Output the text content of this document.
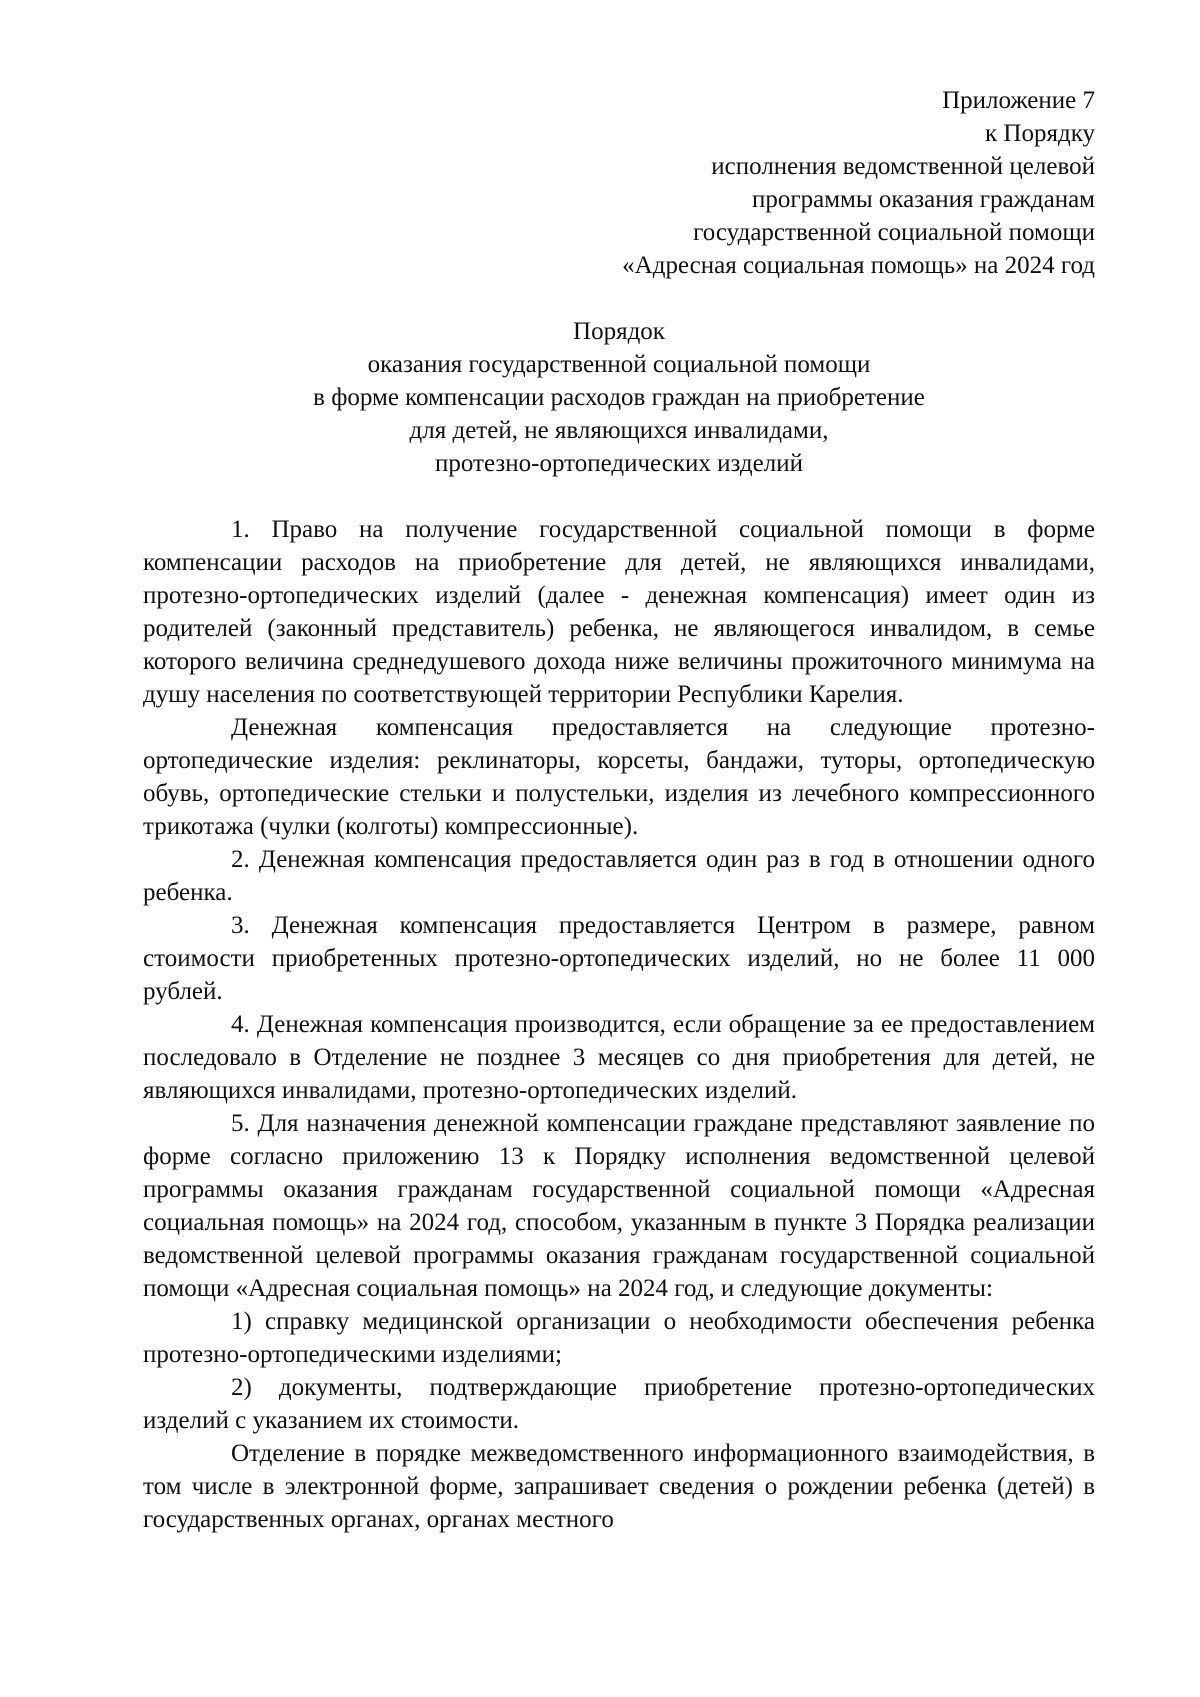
Приложение 7
к Порядку
исполнения ведомственной целевой
программы оказания гражданам
государственной социальной помощи
«Адресная социальная помощь» на 2024 год
Порядок
оказания государственной социальной помощи
в форме компенсации расходов граждан на приобретение
для детей, не являющихся инвалидами,
протезно-ортопедических изделий

1. Право на получение государственной социальной помощи в форме компенсации расходов на приобретение для детей, не являющихся инвалидами, протезно-ортопедических изделий (далее - денежная компенсация) имеет один из родителей (законный представитель) ребенка, не являющегося инвалидом, в семье которого величина среднедушевого дохода ниже величины прожиточного минимума на душу населения по соответствующей территории Республики Карелия.

Денежная компенсация предоставляется на следующие протезно-ортопедические изделия: реклинаторы, корсеты, бандажи, туторы, ортопедическую обувь, ортопедические стельки и полустельки, изделия из лечебного компрессионного трикотажа (чулки (колготы) компрессионные).

2. Денежная компенсация предоставляется один раз в год в отношении одного ребенка.

3. Денежная компенсация предоставляется Центром в размере, равном стоимости приобретенных протезно-ортопедических изделий, но не более 11 000 рублей.

4. Денежная компенсация производится, если обращение за ее предоставлением последовало в Отделение не позднее 3 месяцев со дня приобретения для детей, не являющихся инвалидами, протезно-ортопедических изделий.

5. Для назначения денежной компенсации граждане представляют заявление по форме согласно приложению 13 к Порядку исполнения ведомственной целевой программы оказания гражданам государственной социальной помощи «Адресная социальная помощь» на 2024 год, способом, указанным в пункте 3 Порядка реализации ведомственной целевой программы оказания гражданам государственной социальной помощи «Адресная социальная помощь» на 2024 год, и следующие документы:

1) справку медицинской организации о необходимости обеспечения ребенка протезно-ортопедическими изделиями;

2) документы, подтверждающие приобретение протезно-ортопедических изделий с указанием их стоимости.

Отделение в порядке межведомственного информационного взаимодействия, в том числе в электронной форме, запрашивает сведения о рождении ребенка (детей) в государственных органах, органах местного
